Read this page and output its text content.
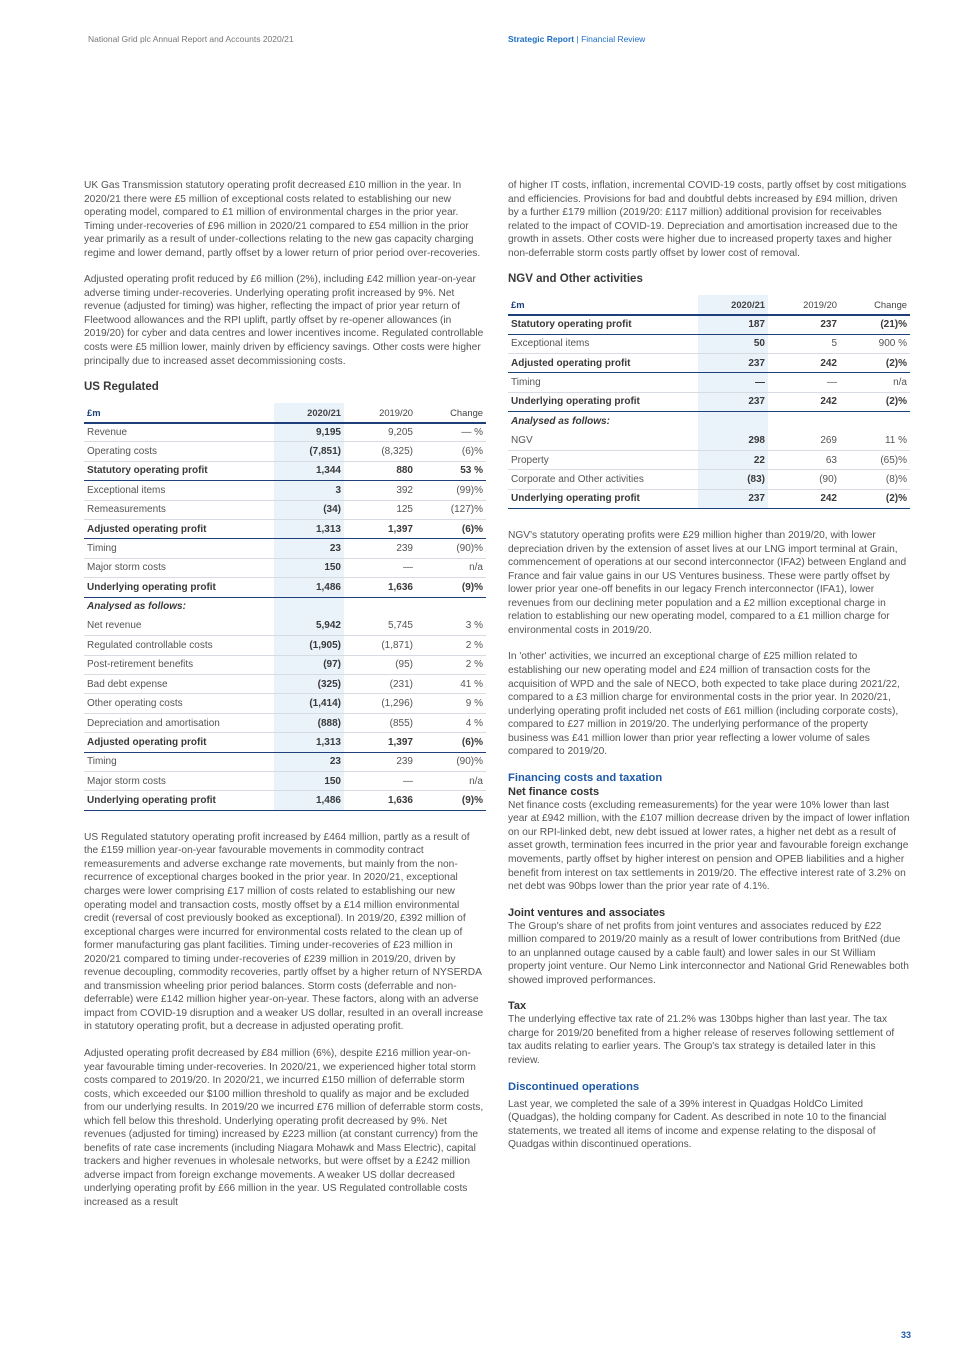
National Grid plc Annual Report and Accounts 2020/21	Strategic Report | Financial Review

UK Gas Transmission statutory operating profit decreased £10 million in the year. In 2020/21 there were £5 million of exceptional costs related to establishing our new operating model, compared to £1 million of environmental charges in the prior year. Timing under-recoveries of £96 million in 2020/21 compared to £54 million in the prior year primarily as a result of under-collections relating to the new gas capacity charging regime and lower demand, partly offset by a lower return of prior period over-recoveries.

Adjusted operating profit reduced by £6 million (2%), including £42 million year-on-year adverse timing under-recoveries. Underlying operating profit increased by 9%. Net revenue (adjusted for timing) was higher, reflecting the impact of prior year return of Fleetwood allowances and the RPI uplift, partly offset by re-opener allowances (in 2019/20) for cyber and data centres and lower incentives income. Regulated controllable costs were £5 million lower, mainly driven by efficiency savings. Other costs were higher principally due to increased asset decommissioning costs.

US Regulated
£m	2020/21	2019/20	Change
Revenue	9,195	9,205	— %
Operating costs	(7,851)	(8,325)	(6)%
Statutory operating profit	1,344	880	53 %
Exceptional items	3	392	(99)%
Remeasurements	(34)	125	(127)%
Adjusted operating profit	1,313	1,397	(6)%
Timing	23	239	(90)%
Major storm costs	150	—	n/a
Underlying operating profit	1,486	1,636	(9)%
Analysed as follows:			
Net revenue	5,942	5,745	3 %
Regulated controllable costs	(1,905)	(1,871)	2 %
Post-retirement benefits	(97)	(95)	2 %
Bad debt expense	(325)	(231)	41 %
Other operating costs	(1,414)	(1,296)	9 %
Depreciation and amortisation	(888)	(855)	4 %
Adjusted operating profit	1,313	1,397	(6)%
Timing	23	239	(90)%
Major storm costs	150	—	n/a
Underlying operating profit	1,486	1,636	(9)%

US Regulated statutory operating profit increased by £464 million, partly as a result of the £159 million year-on-year favourable movements in commodity contract remeasurements and adverse exchange rate movements, but mainly from the non-recurrence of exceptional charges booked in the prior year. In 2020/21, exceptional charges were lower comprising £17 million of costs related to establishing our new operating model and transaction costs, mostly offset by a £14 million environmental credit (reversal of cost previously booked as exceptional). In 2019/20, £392 million of exceptional charges were incurred for environmental costs related to the clean up of former manufacturing gas plant facilities. Timing under-recoveries of £23 million in 2020/21 compared to timing under-recoveries of £239 million in 2019/20, driven by revenue decoupling, commodity recoveries, partly offset by a higher return of NYSERDA and transmission wheeling prior period balances. Storm costs (deferrable and non-deferrable) were £142 million higher year-on-year. These factors, along with an adverse impact from COVID-19 disruption and a weaker US dollar, resulted in an overall increase in statutory operating profit, but a decrease in adjusted operating profit.

Adjusted operating profit decreased by £84 million (6%), despite £216 million year-on-year favourable timing under-recoveries. In 2020/21, we experienced higher total storm costs compared to 2019/20. In 2020/21, we incurred £150 million of deferrable storm costs, which exceeded our $100 million threshold to qualify as major and be excluded from our underlying results. In 2019/20 we incurred £76 million of deferrable storm costs, which fell below this threshold. Underlying operating profit decreased by 9%. Net revenues (adjusted for timing) increased by £223 million (at constant currency) from the benefits of rate case increments (including Niagara Mohawk and Mass Electric), capital trackers and higher revenues in wholesale networks, but were offset by a £242 million adverse impact from foreign exchange movements. A weaker US dollar decreased underlying operating profit by £66 million in the year. US Regulated controllable costs increased as a result

of higher IT costs, inflation, incremental COVID-19 costs, partly offset by cost mitigations and efficiencies. Provisions for bad and doubtful debts increased by £94 million, driven by a further £179 million (2019/20: £117 million) additional provision for receivables related to the impact of COVID-19. Depreciation and amortisation increased due to the growth in assets. Other costs were higher due to increased property taxes and higher non-deferrable storm costs partly offset by lower cost of removal.

NGV and Other activities
£m	2020/21	2019/20	Change
Statutory operating profit	187	237	(21)%
Exceptional items	50	5	900 %
Adjusted operating profit	237	242	(2)%
Timing	—	—	n/a
Underlying operating profit	237	242	(2)%
Analysed as follows:			
NGV	298	269	11 %
Property	22	63	(65)%
Corporate and Other activities	(83)	(90)	(8)%
Underlying operating profit	237	242	(2)%

NGV's statutory operating profits were £29 million higher than 2019/20, with lower depreciation driven by the extension of asset lives at our LNG import terminal at Grain, commencement of operations at our second interconnector (IFA2) between England and France and fair value gains in our US Ventures business. These were partly offset by lower prior year one-off benefits in our legacy French interconnector (IFA1), lower revenues from our declining meter population and a £2 million exceptional charge in relation to establishing our new operating model, compared to a £1 million charge for environmental costs in 2019/20.

In 'other' activities, we incurred an exceptional charge of £25 million related to establishing our new operating model and £24 million of transaction costs for the acquisition of WPD and the sale of NECO, both expected to take place during 2021/22, compared to a £3 million charge for environmental costs in the prior year. In 2020/21, underlying operating profit included net costs of £61 million (including corporate costs), compared to £27 million in 2019/20. The underlying performance of the property business was £41 million lower than prior year reflecting a lower volume of sales compared to 2019/20.

Financing costs and taxation
Net finance costs

Net finance costs (excluding remeasurements) for the year were 10% lower than last year at £942 million, with the £107 million decrease driven by the impact of lower inflation on our RPI-linked debt, new debt issued at lower rates, a higher net debt as a result of asset growth, termination fees incurred in the prior year and favourable foreign exchange movements, partly offset by higher interest on pension and OPEB liabilities and a higher benefit from interest on tax settlements in 2019/20. The effective interest rate of 3.2% on net debt was 90bps lower than the prior year rate of 4.1%.

Joint ventures and associates

The Group's share of net profits from joint ventures and associates reduced by £22 million compared to 2019/20 mainly as a result of lower contributions from BritNed (due to an unplanned outage caused by a cable fault) and lower sales in our St William property joint venture. Our Nemo Link interconnector and National Grid Renewables both showed improved performances.

Tax

The underlying effective tax rate of 21.2% was 130bps higher than last year. The tax charge for 2019/20 benefited from a higher release of reserves following settlement of tax audits relating to earlier years. The Group's tax strategy is detailed later in this review.

Discontinued operations

Last year, we completed the sale of a 39% interest in Quadgas HoldCo Limited (Quadgas), the holding company for Cadent. As described in note 10 to the financial statements, we treated all items of income and expense relating to the disposal of Quadgas within discontinued operations.

33
